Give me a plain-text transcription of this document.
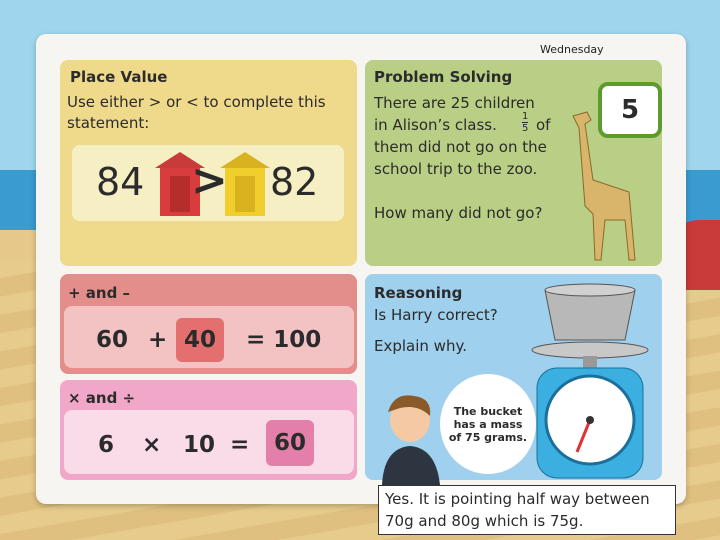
Wednesday
Place Value
Use either > or < to complete this statement:
84 > 82
Problem Solving
There are 25 children
in Alison’s class.	$\frac{1}{5}$ of
them did not go on the
school trip to the zoo.
How many did not go?
5
+ and –
60 + 40	= 100
× and ÷
6 × 10 =	60
Reasoning
Is Harry correct?
Explain why.
The bucket has a mass of 75 grams.
Yes. It is pointing half way between 70g and 80g which is 75g.
